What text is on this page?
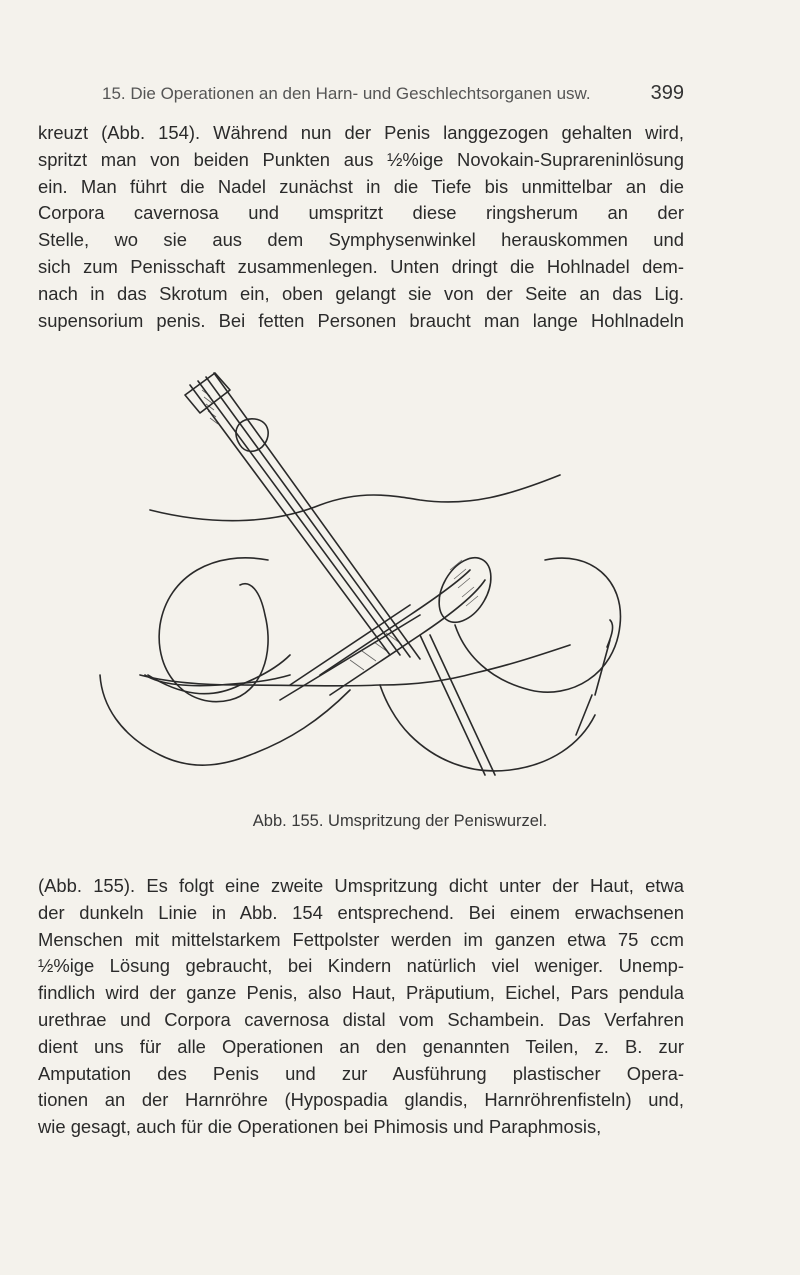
15. Die Operationen an den Harn- und Geschlechtsorganen usw.	399

kreuzt (Abb. 154). Während nun der Penis langgezogen gehalten wird,
spritzt man von beiden Punkten aus ½%ige Novokain-Suprareninlösung
ein. Man führt die Nadel zunächst in die Tiefe bis unmittelbar an die
Corpora cavernosa und umspritzt diese ringsherum an der
Stelle, wo sie aus dem Symphysenwinkel herauskommen und
sich zum Penisschaft zusammenlegen. Unten dringt die Hohlnadel dem-
nach in das Skrotum ein, oben gelangt sie von der Seite an das Lig.
supensorium penis. Bei fetten Personen braucht man lange Hohlnadeln

Abb. 155. Umspritzung der Peniswurzel.

(Abb. 155). Es folgt eine zweite Umspritzung dicht unter der Haut, etwa
der dunkeln Linie in Abb. 154 entsprechend. Bei einem erwachsenen
Menschen mit mittelstarkem Fettpolster werden im ganzen etwa 75 ccm
½%ige Lösung gebraucht, bei Kindern natürlich viel weniger. Unemp-
findlich wird der ganze Penis, also Haut, Präputium, Eichel, Pars pendula
urethrae und Corpora cavernosa distal vom Schambein. Das Verfahren
dient uns für alle Operationen an den genannten Teilen, z. B. zur
Amputation des Penis und zur Ausführung plastischer Opera-
tionen an der Harnröhre (Hypospadia glandis, Harnröhrenfisteln) und,
wie gesagt, auch für die Operationen bei Phimosis und Paraphmosis,
